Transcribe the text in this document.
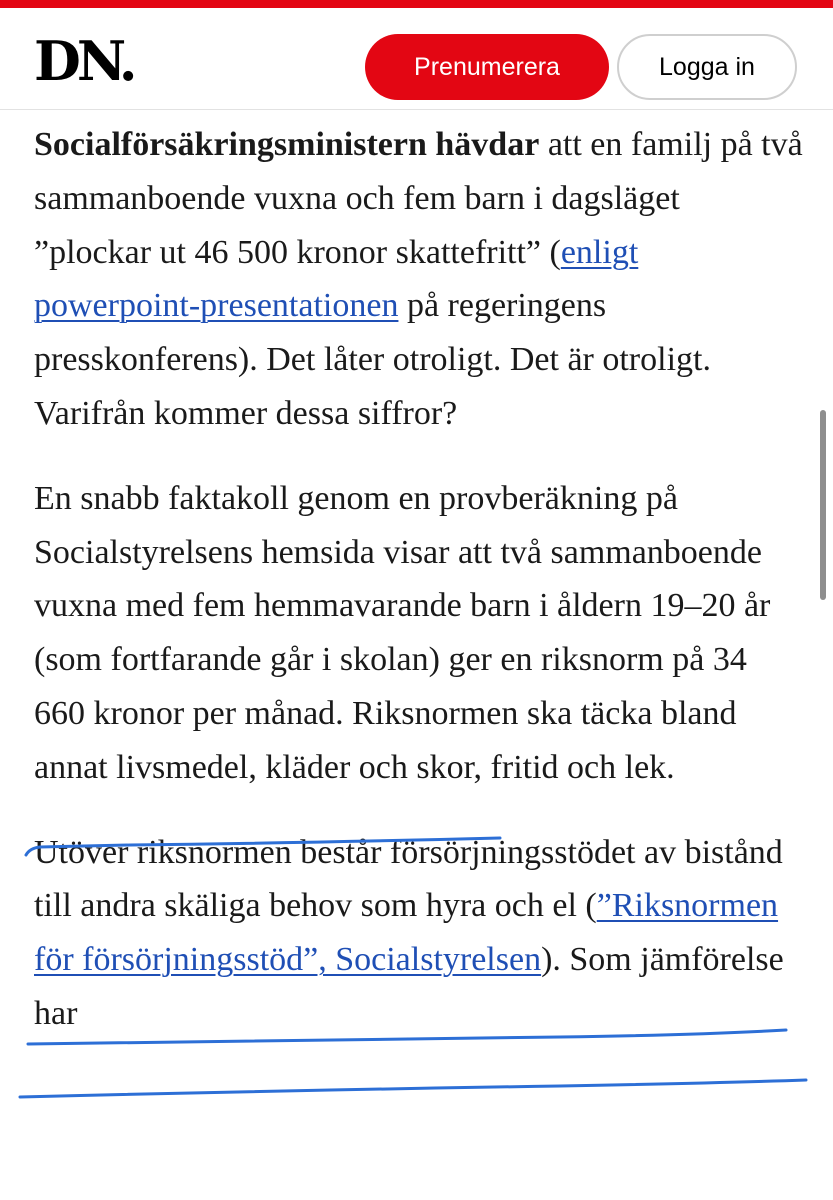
DN.	Prenumerera	Logga in

Socialförsäkringsministern hävdar att en familj på två sammanboende vuxna och fem barn i dagsläget ”plockar ut 46 500 kronor skattefritt” (enligt powerpoint-presentationen på regeringens presskonferens). Det låter otroligt. Det är otroligt. Varifrån kommer dessa siffror?

En snabb faktakoll genom en provberäkning på Socialstyrelsens hemsida visar att två sammanboende vuxna med fem hemmavarande barn i åldern 19–20 år (som fortfarande går i skolan) ger en riksnorm på 34 660 kronor per månad. Riksnormen ska täcka bland annat livsmedel, kläder och skor, fritid och lek.

Utöver riksnormen består försörjningsstödet av bistånd till andra skäliga behov som hyra och el (”Riksnormen för försörjningsstöd”, Socialstyrelsen). Som jämförelse har
